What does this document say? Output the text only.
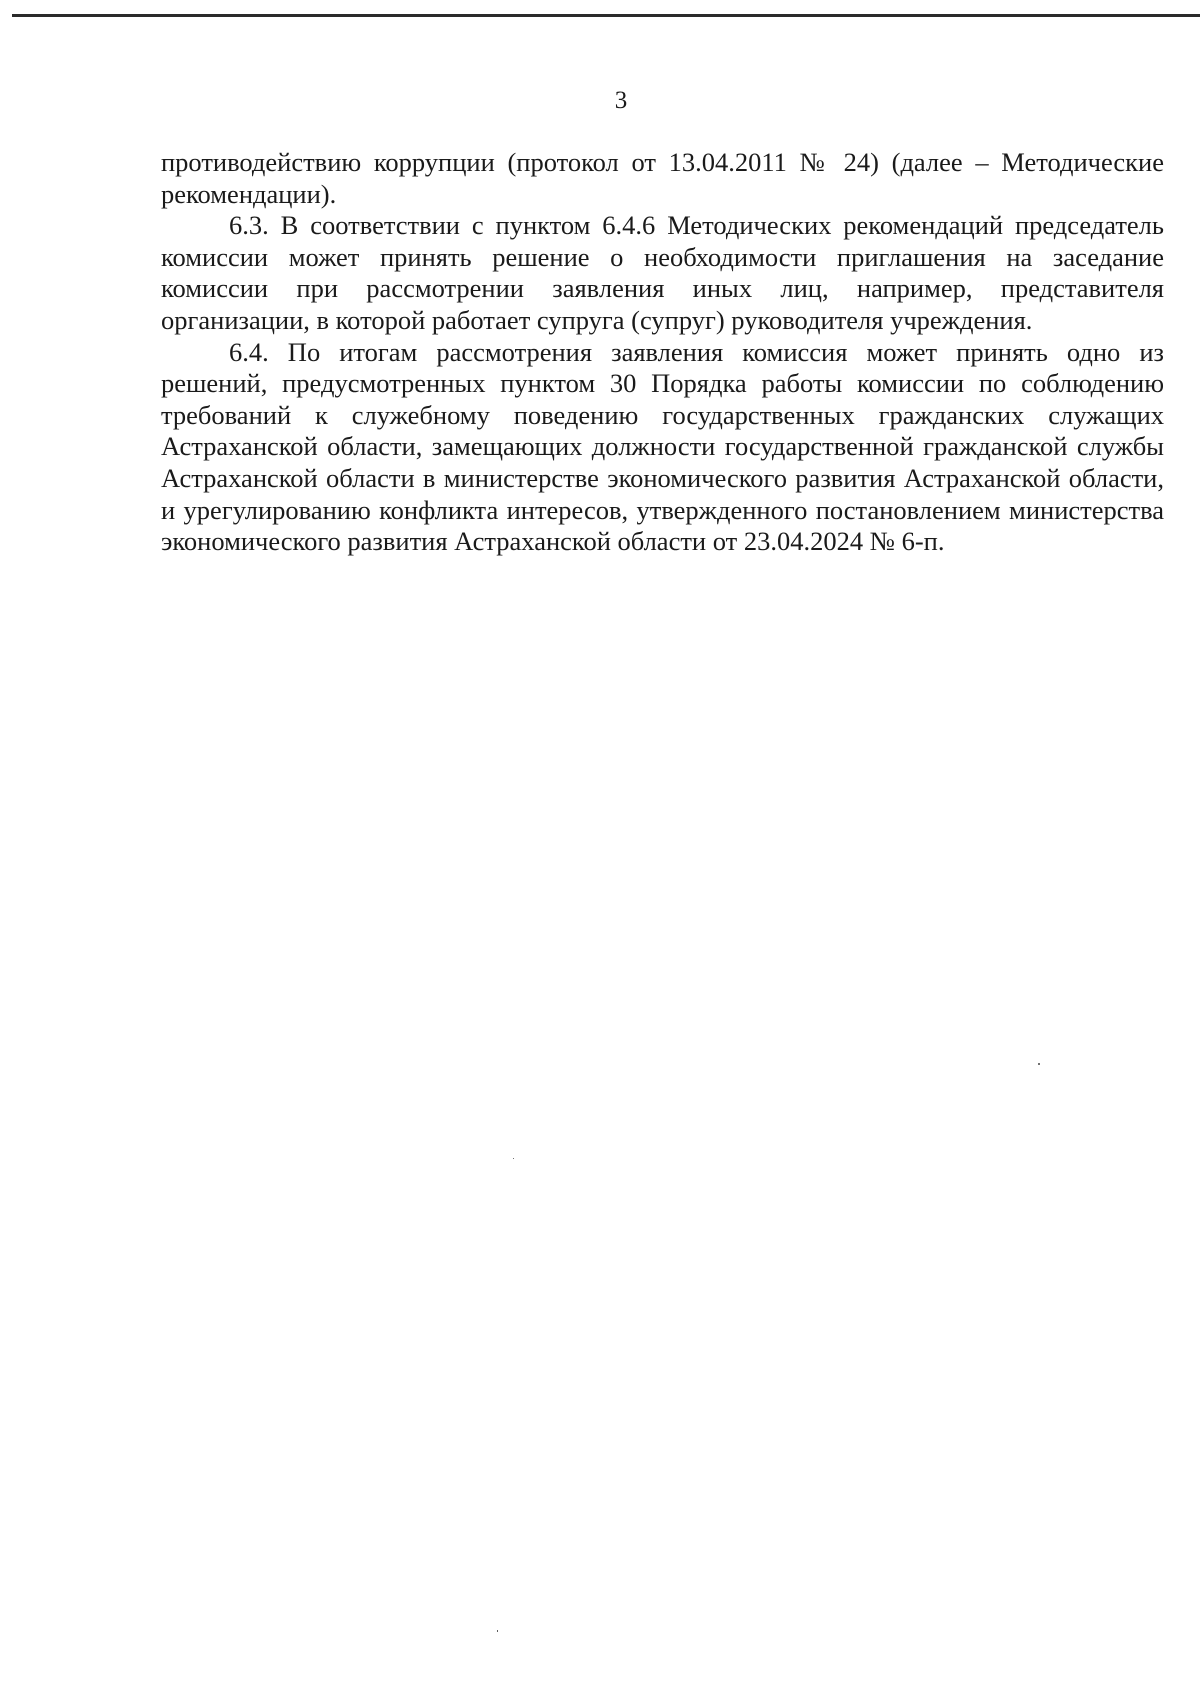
3

противодействию коррупции (протокол от 13.04.2011 № 24) (далее – Методические рекомендации).

6.3. В соответствии с пунктом 6.4.6 Методических рекомендаций председатель комиссии может принять решение о необходимости приглашения на заседание комиссии при рассмотрении заявления иных лиц, например, представителя организации, в которой работает супруга (супруг) руководителя учреждения.

6.4. По итогам рассмотрения заявления комиссия может принять одно из решений, предусмотренных пунктом 30 Порядка работы комиссии по соблюдению требований к служебному поведению государственных гражданских служащих Астраханской области, замещающих должности государственной гражданской службы Астраханской области в министерстве экономического развития Астраханской области, и урегулированию конфликта интересов, утвержденного постановлением министерства экономического развития Астраханской области от 23.04.2024 № 6-п.
